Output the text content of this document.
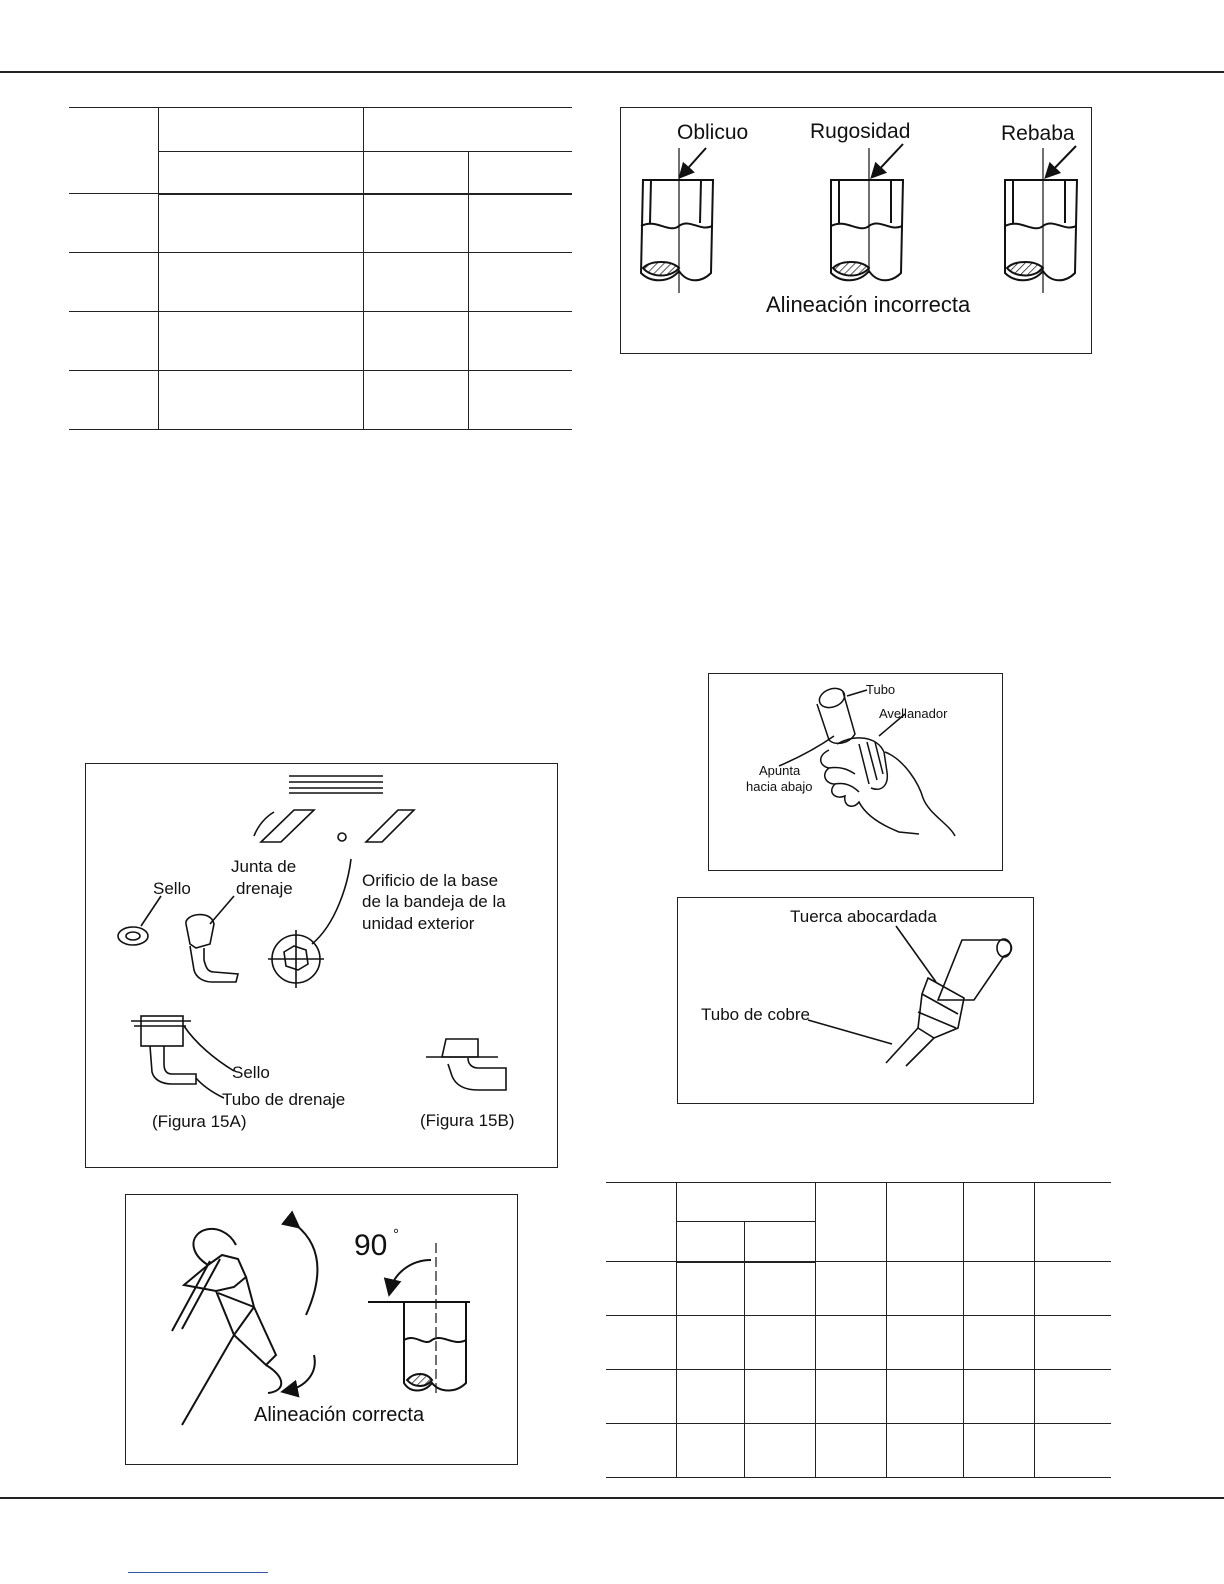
Oblicuo	Rugosidad	Rebaba
Alineación incorrecta
Sello
Junta de
drenaje	Orificio de la base
de la bandeja de la
unidad exterior
Sello
Tubo de drenaje
(Figura 15A)	(Figura 15B)
90 °
Alineación correcta
Tubo
Avellanador
Apunta
hacia abajo
Tuerca abocardada
Tubo de cobre
